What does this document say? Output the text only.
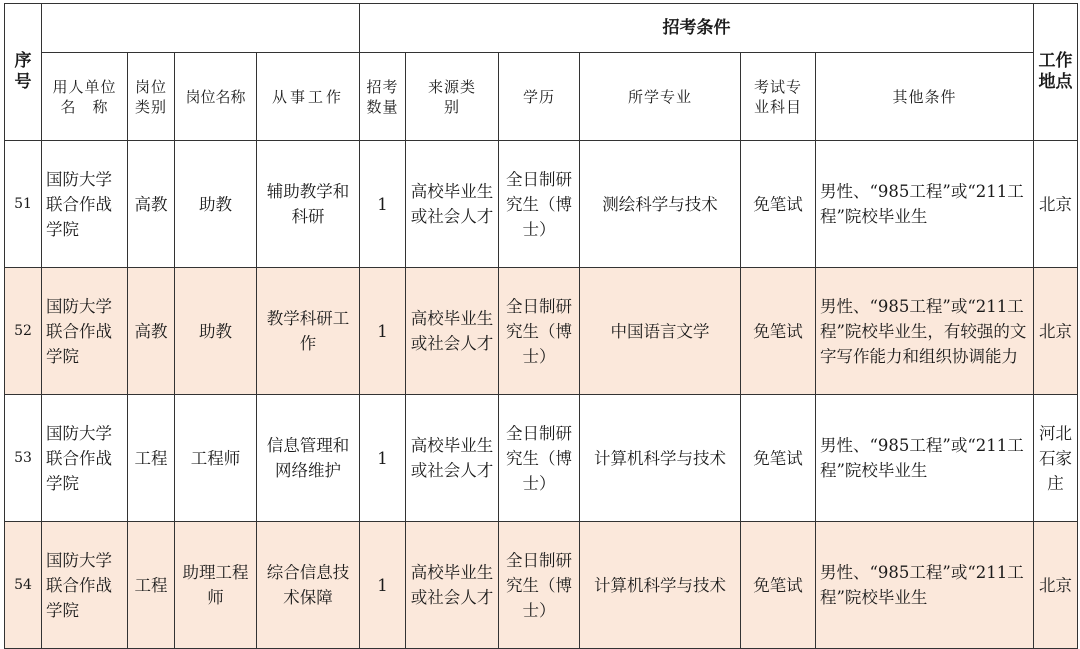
序号					招考条件						工作地点
	用人单位名　称	岗位类别	岗位名称	从事工作	招考数量	来源类别	学历	所学专业	考试专业科目	其他条件	
51	国防大学联合作战学院	高教	助教	辅助教学和科研	1	高校毕业生或社会人才	全日制研究生（博士）	测绘科学与技术	免笔试	男性、“985工程”或“211工程”院校毕业生	北京
52	国防大学联合作战学院	高教	助教	教学科研工作	1	高校毕业生或社会人才	全日制研究生（博士）	中国语言文学	免笔试	男性、“985工程”或“211工程”院校毕业生，有较强的文字写作能力和组织协调能力	北京
53	国防大学联合作战学院	工程	工程师	信息管理和网络维护	1	高校毕业生或社会人才	全日制研究生（博士）	计算机科学与技术	免笔试	男性、“985工程”或“211工程”院校毕业生	河北石家庄
54	国防大学联合作战学院	工程	助理工程师	综合信息技术保障	1	高校毕业生或社会人才	全日制研究生（博士）	计算机科学与技术	免笔试	男性、“985工程”或“211工程”院校毕业生	北京
